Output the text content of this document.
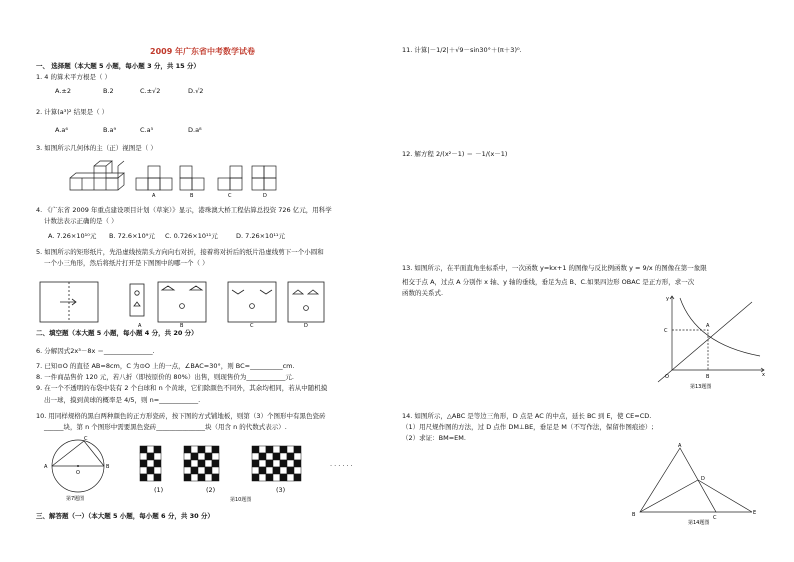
2009 年广东省中考数学试卷
一、 选择题（本大题 5 小题，每小题 3 分，共 15 分）
1. 4 的算术平方根是（ ）
A.±2	B.2	C.±√2	D.√2
2. 计算(a³)² 结果是（ ）
A.a⁶	B.a⁹	C.a⁵	D.a⁸
3. 如图所示几何体的主（正）视图是（ ）
A	B	C	D
4. 《广东省 2009 年重点建设项目计划（草案）》显示，港珠澳大桥工程估算总投资 726 亿元，用科学
计数法表示正确的是（ ）
A. 7.26×10¹⁰元 B. 72.6×10⁹元 C. 0.726×10¹¹元	D. 7.26×10¹¹元
5. 如图所示的矩形纸片，先沿虚线按箭头方向向右对折，接着将对折后的纸片沿虚线剪下一个小圆和
一个小三角形，然后将纸片打开是下图图中的哪一个（ ）
A	B	C	D
二、填空题（本大题 5 小题，每小题 4 分，共 20 分）
6. 分解因式2x³－8x ＝_______________.
7. 已知⊙O 的直径 AB=8cm，C 为⊙O 上的一点，∠BAC=30°，则 BC=__________cm.
8. 一件商品售价 120 元，若八折（即按原价的 80%）出售，则现售价为____________元.
9. 在一个不透明的布袋中装有 2 个白球和 n 个黄球，它们除颜色不同外，其余均相同，若从中随机摸
出一球，摸到黄球的概率是 4/5，则 n=____________.
10. 用同样规格的黑白两种颜色的正方形瓷砖，按下图的方式铺地板，则第（3）个图形中有黑色瓷砖
______块，第 n 个图形中需要黑色瓷砖_______________块（用含 n 的代数式表示）.
A	B
C
O
第7题图
(1)	(2)	(3)
· · · · · ·
第10题图
三、解答题（一）（本大题 5 小题，每小题 6 分，共 30 分）
11. 计算|－1/2|＋√9－sin30°＋(π＋3)⁰.
12. 解方程 2/(x²－1) ＝ －1/(x－1)
13. 如图所示，在平面直角坐标系中，一次函数 y=kx+1 的图像与反比例函数 y = 9/x 的图像在第一象限
相交于点 A，过点 A 分别作 x 轴、y 轴的垂线，垂足为点 B、C.如果四边形 OBAC 是正方形，求一次
函数的关系式.
y
x
C
A
O	B
第13题图
14. 如图所示，△ABC 是等边三角形，D 点是 AC 的中点，延长 BC 到 E，使 CE=CD.
（1）用尺规作图的方法，过 D 点作 DM⊥BE，垂足是 M（不写作法，保留作图痕迹）;
（2）求证：BM=EM.
A
B	C
D
E
第14题图
